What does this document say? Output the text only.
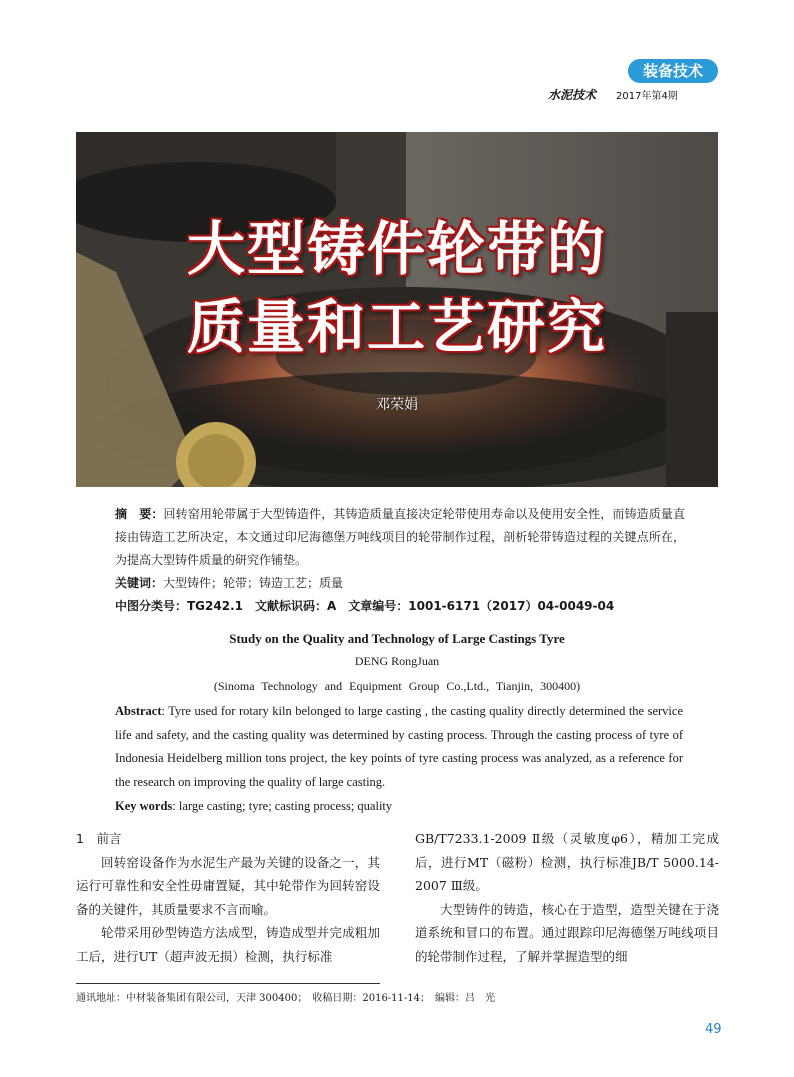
装备技术
水泥技术 2017年第4期
大型铸件轮带的
质量和工艺研究
邓荣娟
摘　要：回转窑用轮带属于大型铸造件，其铸造质量直接决定轮带使用寿命以及使用安全性，而铸造质量直接由铸造工艺所决定，本文通过印尼海德堡万吨线项目的轮带制作过程，剖析轮带铸造过程的关键点所在，为提高大型铸件质量的研究作铺垫。
关键词：大型铸件；轮带；铸造工艺；质量
中图分类号：TG242.1　文献标识码：A　文章编号：1001-6171（2017）04-0049-04
Study on the Quality and Technology of Large Castings Tyre
DENG RongJuan
(Sinoma Technology and Equipment Group Co.,Ltd., Tianjin, 300400)
Abstract: Tyre used for rotary kiln belonged to large casting , the casting quality directly determined the service life and safety, and the casting quality was determined by casting process. Through the casting process of tyre of Indonesia Heidelberg million tons project, the key points of tyre casting process was analyzed, as a reference for the research on improving the quality of large casting.
Key words: large casting; tyre; casting process; quality

1　前言

回转窑设备作为水泥生产最为关键的设备之一，其运行可靠性和安全性毋庸置疑，其中轮带作为回转窑设备的关键件，其质量要求不言而喻。

轮带采用砂型铸造方法成型，铸造成型并完成粗加工后，进行UT（超声波无损）检测，执行标准

GB/T7233.1-2009 Ⅱ级（灵敏度φ6），精加工完成后，进行MT（磁粉）检测，执行标准JB/T 5000.14-2007 Ⅲ级。

大型铸件的铸造，核心在于造型，造型关键在于浇道系统和冒口的布置。通过跟踪印尼海德堡万吨线项目的轮带制作过程，了解并掌握造型的细

通讯地址：中材装备集团有限公司，天津 300400；　收稿日期：2016-11-14；　编辑：吕　光
49
